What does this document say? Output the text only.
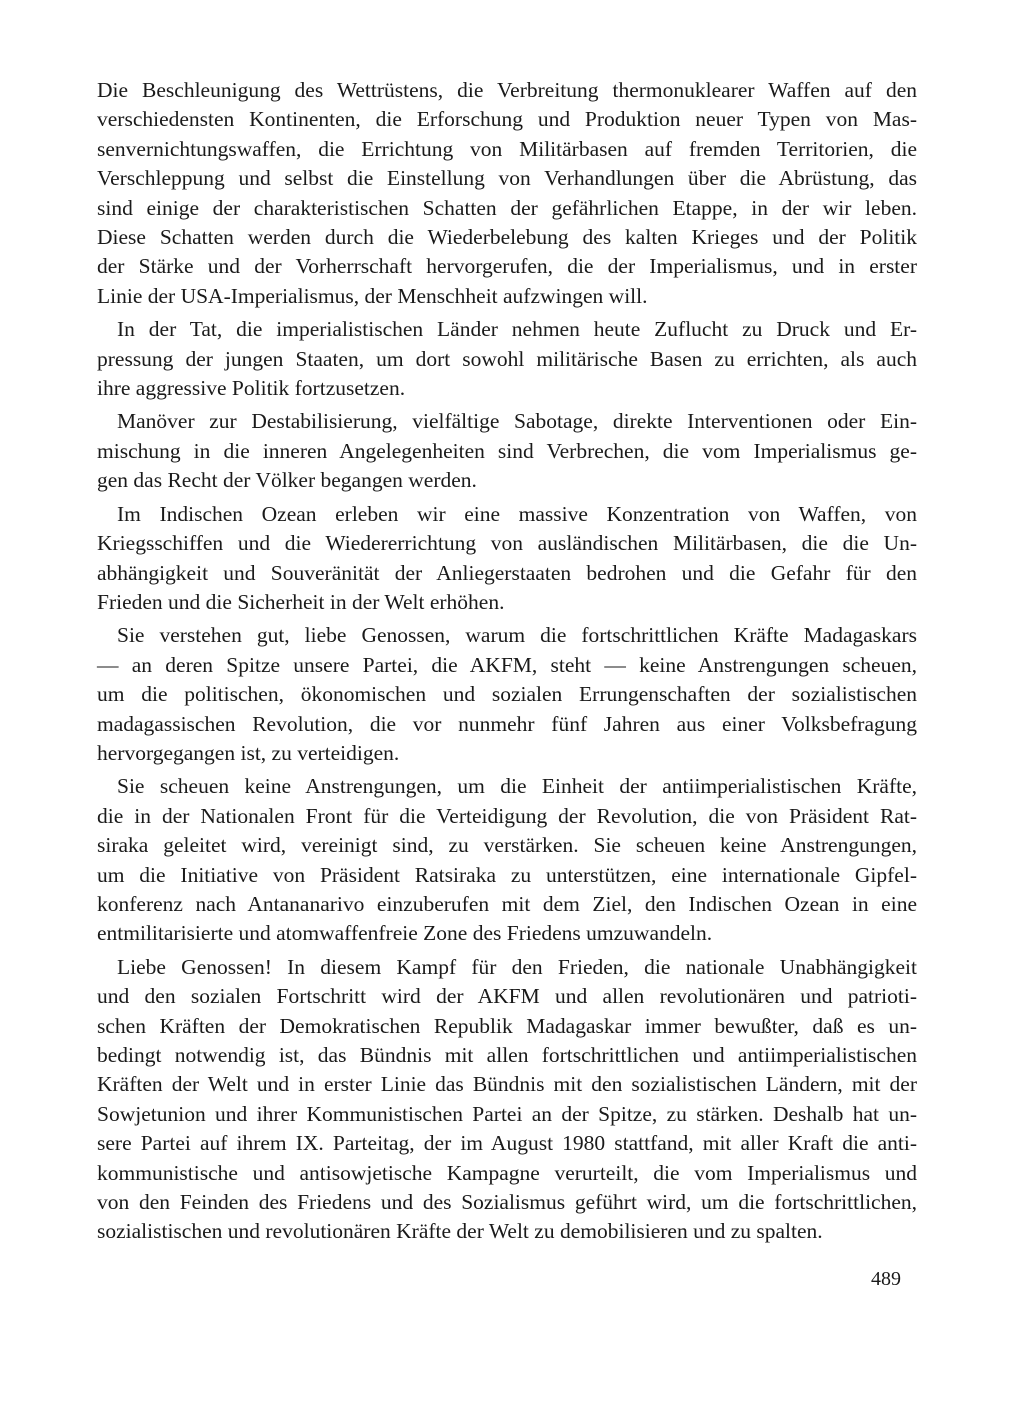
Die Beschleunigung des Wettrüstens, die Verbreitung thermonuklearer Waffen auf den
verschiedensten Kontinenten, die Erforschung und Produktion neuer Typen von Mas-
senvernichtungswaffen, die Errichtung von Militärbasen auf fremden Territorien, die
Verschleppung und selbst die Einstellung von Verhandlungen über die Abrüstung, das
sind einige der charakteristischen Schatten der gefährlichen Etappe, in der wir leben.
Diese Schatten werden durch die Wiederbelebung des kalten Krieges und der Politik
der Stärke und der Vorherrschaft hervorgerufen, die der Imperialismus, und in erster
Linie der USA-Imperialismus, der Menschheit aufzwingen will.

In der Tat, die imperialistischen Länder nehmen heute Zuflucht zu Druck und Er-
pressung der jungen Staaten, um dort sowohl militärische Basen zu errichten, als auch
ihre aggressive Politik fortzusetzen.

Manöver zur Destabilisierung, vielfältige Sabotage, direkte Interventionen oder Ein-
mischung in die inneren Angelegenheiten sind Verbrechen, die vom Imperialismus ge-
gen das Recht der Völker begangen werden.

Im Indischen Ozean erleben wir eine massive Konzentration von Waffen, von
Kriegsschiffen und die Wiedererrichtung von ausländischen Militärbasen, die die Un-
abhängigkeit und Souveränität der Anliegerstaaten bedrohen und die Gefahr für den
Frieden und die Sicherheit in der Welt erhöhen.

Sie verstehen gut, liebe Genossen, warum die fortschrittlichen Kräfte Madagaskars
— an deren Spitze unsere Partei, die AKFM, steht — keine Anstrengungen scheuen,
um die politischen, ökonomischen und sozialen Errungenschaften der sozialistischen
madagassischen Revolution, die vor nunmehr fünf Jahren aus einer Volksbefragung
hervorgegangen ist, zu verteidigen.

Sie scheuen keine Anstrengungen, um die Einheit der antiimperialistischen Kräfte,
die in der Nationalen Front für die Verteidigung der Revolution, die von Präsident Rat-
siraka geleitet wird, vereinigt sind, zu verstärken. Sie scheuen keine Anstrengungen,
um die Initiative von Präsident Ratsiraka zu unterstützen, eine internationale Gipfel-
konferenz nach Antananarivo einzuberufen mit dem Ziel, den Indischen Ozean in eine
entmilitarisierte und atomwaffenfreie Zone des Friedens umzuwandeln.

Liebe Genossen! In diesem Kampf für den Frieden, die nationale Unabhängigkeit
und den sozialen Fortschritt wird der AKFM und allen revolutionären und patrioti-
schen Kräften der Demokratischen Republik Madagaskar immer bewußter, daß es un-
bedingt notwendig ist, das Bündnis mit allen fortschrittlichen und antiimperialistischen
Kräften der Welt und in erster Linie das Bündnis mit den sozialistischen Ländern, mit der
Sowjetunion und ihrer Kommunistischen Partei an der Spitze, zu stärken. Deshalb hat un-
sere Partei auf ihrem IX. Parteitag, der im August 1980 stattfand, mit aller Kraft die anti-
kommunistische und antisowjetische Kampagne verurteilt, die vom Imperialismus und
von den Feinden des Friedens und des Sozialismus geführt wird, um die fortschrittlichen,
sozialistischen und revolutionären Kräfte der Welt zu demobilisieren und zu spalten.

489
